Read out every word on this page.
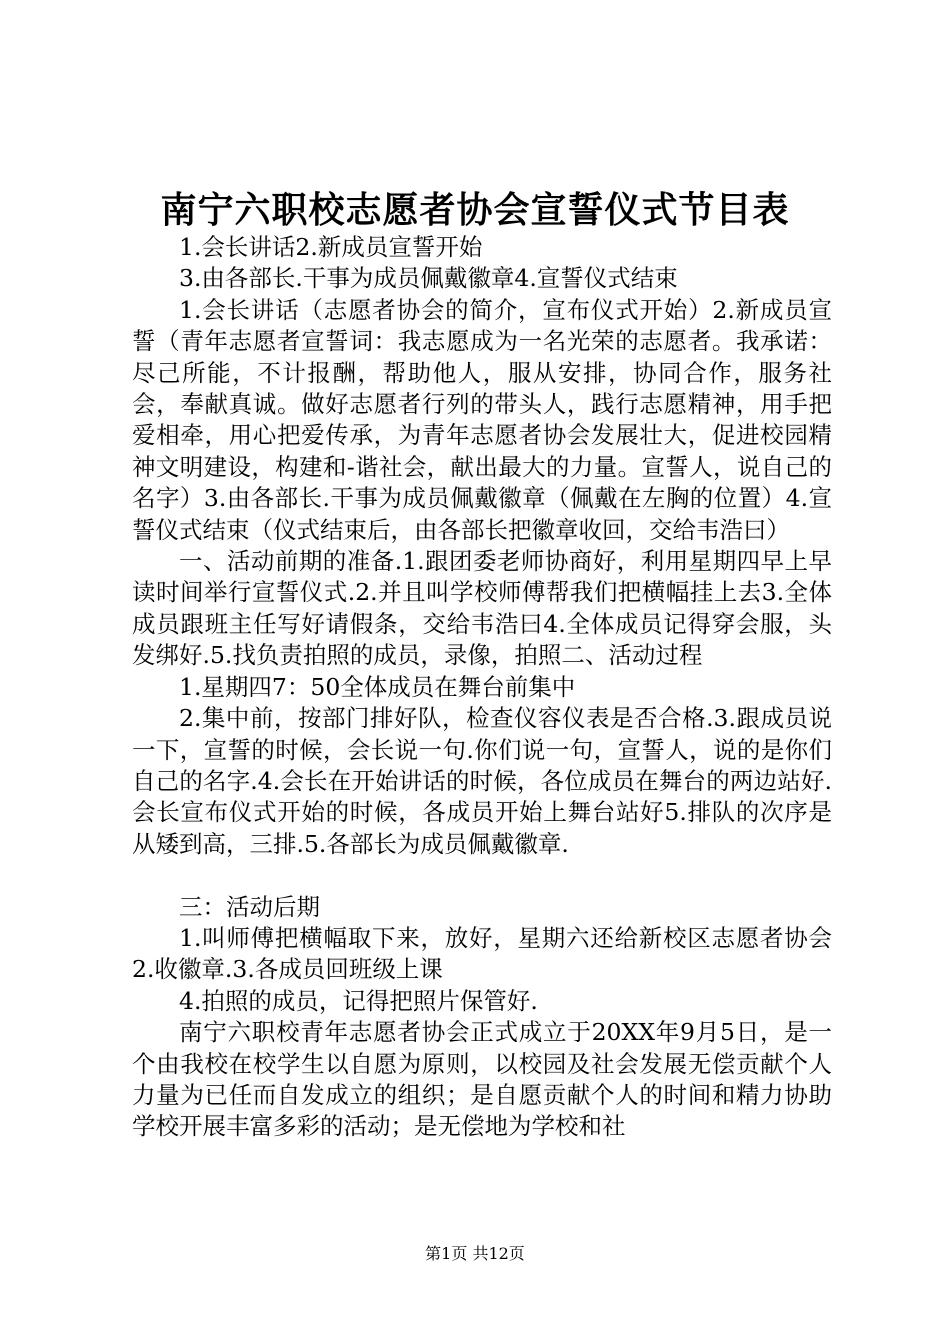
南宁六职校志愿者协会宣誓仪式节目表

1.会长讲话2.新成员宣誓开始

3.由各部长.干事为成员佩戴徽章4.宣誓仪式结束

1.会长讲话（志愿者协会的简介，宣布仪式开始）2.新成员宣誓（青年志愿者宣誓词：我志愿成为一名光荣的志愿者。我承诺：尽己所能，不计报酬，帮助他人，服从安排，协同合作，服务社会，奉献真诚。做好志愿者行列的带头人，践行志愿精神，用手把爱相牵，用心把爱传承，为青年志愿者协会发展壮大，促进校园精神文明建设，构建和-谐社会，献出最大的力量。宣誓人，说自己的名字）3.由各部长.干事为成员佩戴徽章（佩戴在左胸的位置）4.宣誓仪式结束（仪式结束后，由各部长把徽章收回，交给韦浩曰）

一、活动前期的准备.1.跟团委老师协商好，利用星期四早上早读时间举行宣誓仪式.2.并且叫学校师傅帮我们把横幅挂上去3.全体成员跟班主任写好请假条，交给韦浩曰4.全体成员记得穿会服，头发绑好.5.找负责拍照的成员，录像，拍照二、活动过程

1.星期四7：50全体成员在舞台前集中

2.集中前，按部门排好队，检查仪容仪表是否合格.3.跟成员说一下，宣誓的时候，会长说一句.你们说一句，宣誓人，说的是你们自己的名字.4.会长在开始讲话的时候，各位成员在舞台的两边站好.会长宣布仪式开始的时候，各成员开始上舞台站好5.排队的次序是从矮到高，三排.5.各部长为成员佩戴徽章.

三：活动后期

1.叫师傅把横幅取下来，放好，星期六还给新校区志愿者协会2.收徽章.3.各成员回班级上课

4.拍照的成员，记得把照片保管好.

南宁六职校青年志愿者协会正式成立于20XX年9月5日，是一个由我校在校学生以自愿为原则，以校园及社会发展无偿贡献个人力量为已任而自发成立的组织；是自愿贡献个人的时间和精力协助学校开展丰富多彩的活动；是无偿地为学校和社

第1页 共12页
